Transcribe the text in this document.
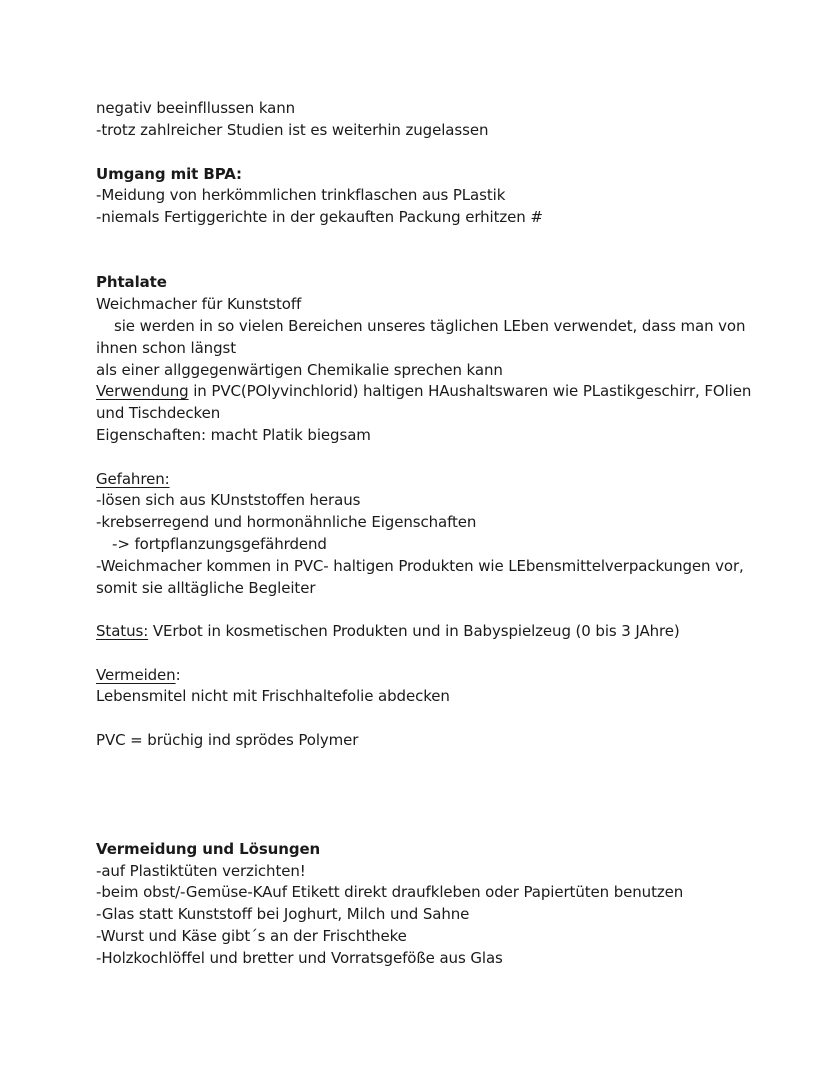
negativ beeinfllussen kann
-trotz zahlreicher Studien ist es weiterhin zugelassen
Umgang mit BPA:
-Meidung von herkömmlichen trinkflaschen aus PLastik
-niemals Fertiggerichte in der gekauften Packung erhitzen #
Phtalate
Weichmacher für Kunststoff
sie werden in so vielen Bereichen unseres täglichen LEben verwendet, dass man von
ihnen schon längst
als einer allggegenwärtigen Chemikalie sprechen kann
Verwendung in PVC(POlyvinchlorid) haltigen HAushaltswaren wie PLastikgeschirr, FOlien
und Tischdecken
Eigenschaften: macht Platik biegsam
Gefahren:
-lösen sich aus KUnststoffen heraus
-krebserregend und hormonähnliche Eigenschaften
-> fortpflanzungsgefährdend
-Weichmacher kommen in PVC- haltigen Produkten wie LEbensmittelverpackungen vor,
somit sie alltägliche Begleiter
Status: VErbot in kosmetischen Produkten und in Babyspielzeug (0 bis 3 JAhre)
Vermeiden:
Lebensmitel nicht mit Frischhaltefolie abdecken
PVC = brüchig ind sprödes Polymer
Vermeidung und Lösungen
-auf Plastiktüten verzichten!
-beim obst/-Gemüse-KAuf Etikett direkt draufkleben oder Papiertüten benutzen
-Glas statt Kunststoff bei Joghurt, Milch und Sahne
-Wurst und Käse gibt´s an der Frischtheke
-Holzkochlöffel und bretter und Vorratsgeföße aus Glas
